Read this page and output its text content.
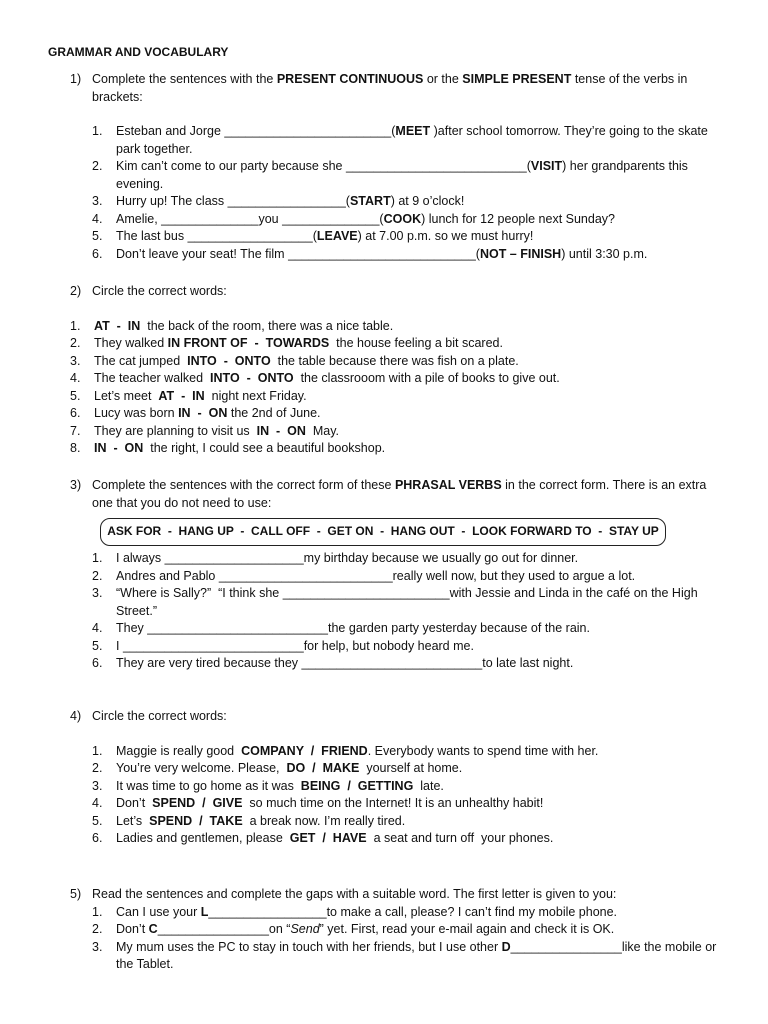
GRAMMAR AND VOCABULARY
1) Complete the sentences with the PRESENT CONTINUOUS or the SIMPLE PRESENT tense of the verbs in brackets:
1. Esteban and Jorge ________________________(MEET )after school tomorrow. They’re going to the skate park together.
2. Kim can’t come to our party because she __________________________(VISIT) her grandparents this evening.
3. Hurry up! The class _________________(START) at 9 o’clock!
4. Amelie, ______________you ______________(COOK) lunch for 12 people next Sunday?
5. The last bus __________________(LEAVE) at 7.00 p.m. so we must hurry!
6. Don’t leave your seat! The film ___________________________(NOT – FINISH) until 3:30 p.m.
2) Circle the correct words:
1. AT  -  IN  the back of the room, there was a nice table.
2. They walked IN FRONT OF  -  TOWARDS  the house feeling a bit scared.
3. The cat jumped  INTO  -  ONTO  the table because there was fish on a plate.
4. The teacher walked  INTO  -  ONTO  the classrooom with a pile of books to give out.
5. Let’s meet  AT  -  IN  night next Friday.
6. Lucy was born IN  -  ON the 2nd of June.
7. They are planning to visit us  IN  -  ON  May.
8. IN  -  ON  the right, I could see a beautiful bookshop.
3) Complete the sentences with the correct form of these PHRASAL VERBS in the correct form. There is an extra one that you do not need to use:
ASK FOR  -  HANG UP  -  CALL OFF  -  GET ON  -  HANG OUT  -  LOOK FORWARD TO  -  STAY UP
1. I always ____________________my birthday because we usually go out for dinner.
2. Andres and Pablo _________________________really well now, but they used to argue a lot.
3. “Where is Sally?”  “I think she ________________________with Jessie and Linda in the café on the High Street.”
4. They __________________________the garden party yesterday because of the rain.
5. I __________________________for help, but nobody heard me.
6. They are very tired because they __________________________to late last night.
4) Circle the correct words:
1. Maggie is really good  COMPANY  /  FRIEND. Everybody wants to spend time with her.
2. You’re very welcome. Please,  DO  /  MAKE  yourself at home.
3. It was time to go home as it was  BEING  /  GETTING  late.
4. Don’t  SPEND  /  GIVE  so much time on the Internet! It is an unhealthy habit!
5. Let’s  SPEND  /  TAKE  a break now. I’m really tired.
6. Ladies and gentlemen, please  GET  /  HAVE  a seat and turn off  your phones.
5) Read the sentences and complete the gaps with a suitable word. The first letter is given to you:
1. Can I use your L_________________to make a call, please? I can’t find my mobile phone.
2. Don’t C________________on “Send” yet. First, read your e-mail again and check it is OK.
3. My mum uses the PC to stay in touch with her friends, but I use other D________________like the mobile or the Tablet.
